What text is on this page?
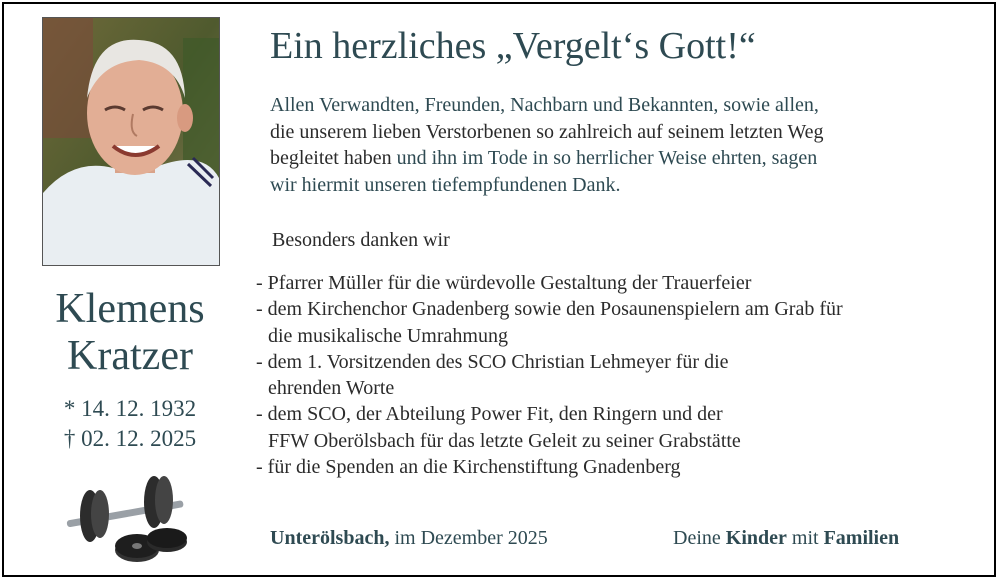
Klemens
Kratzer
* 14. 12. 1932
† 02. 12. 2025
Ein herzliches „Vergelt‘s Gott!“
Allen Verwandten, Freunden, Nachbarn und Bekannten, sowie allen,
die unserem lieben Verstorbenen so zahlreich auf seinem letzten Weg
begleitet haben und ihn im Tode in so herrlicher Weise ehrten, sagen
wir hiermit unseren tiefempfundenen Dank.
Besonders danken wir
- Pfarrer Müller für die würdevolle Gestaltung der Trauerfeier
- dem Kirchenchor Gnadenberg sowie den Posaunenspielern am Grab für
die musikalische Umrahmung
- dem 1. Vorsitzenden des SCO Christian Lehmeyer für die
ehrenden Worte
- dem SCO, der Abteilung Power Fit, den Ringern und der
FFW Oberölsbach für das letzte Geleit zu seiner Grabstätte
- für die Spenden an die Kirchenstiftung Gnadenberg
Unterölsbach, im Dezember 2025	Deine Kinder mit Familien
